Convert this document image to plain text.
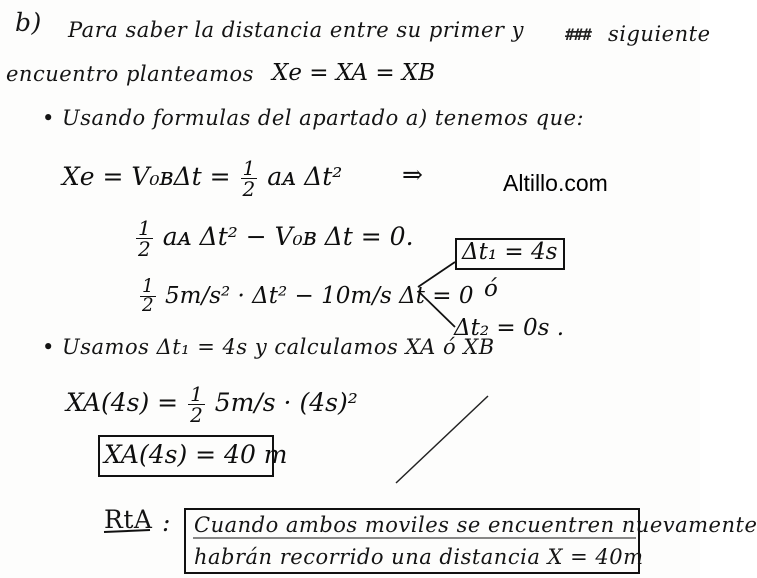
b) Para saber la distancia entre su primer y	### siguiente
encuentro planteamos Xe = XA = XB
• Usando formulas del apartado a) tenemos que:
Xe = V₀ʙΔt = $\frac{1}{2}$ aᴀ Δt² ⇒	Altillo.com
$\frac{1}{2}$ aᴀ Δt² − V₀ʙ Δt = 0.
$\frac{1}{2} 5m/s^2 \cdot \Delta t^2 - 10m/s$ Δt = 0
Δt₁ = 4s
ó
Δt₂ = 0s .
• Usamos Δt₁ = 4s y calculamos XA ó XB
$XA(4s) = \frac{1}{2} 5m/s \cdot (4s)^2$
XA(4s) = 40 m
RtA : Cuando ambos moviles se encuentren nuevamente
habrán recorrido una distancia X = 40m
